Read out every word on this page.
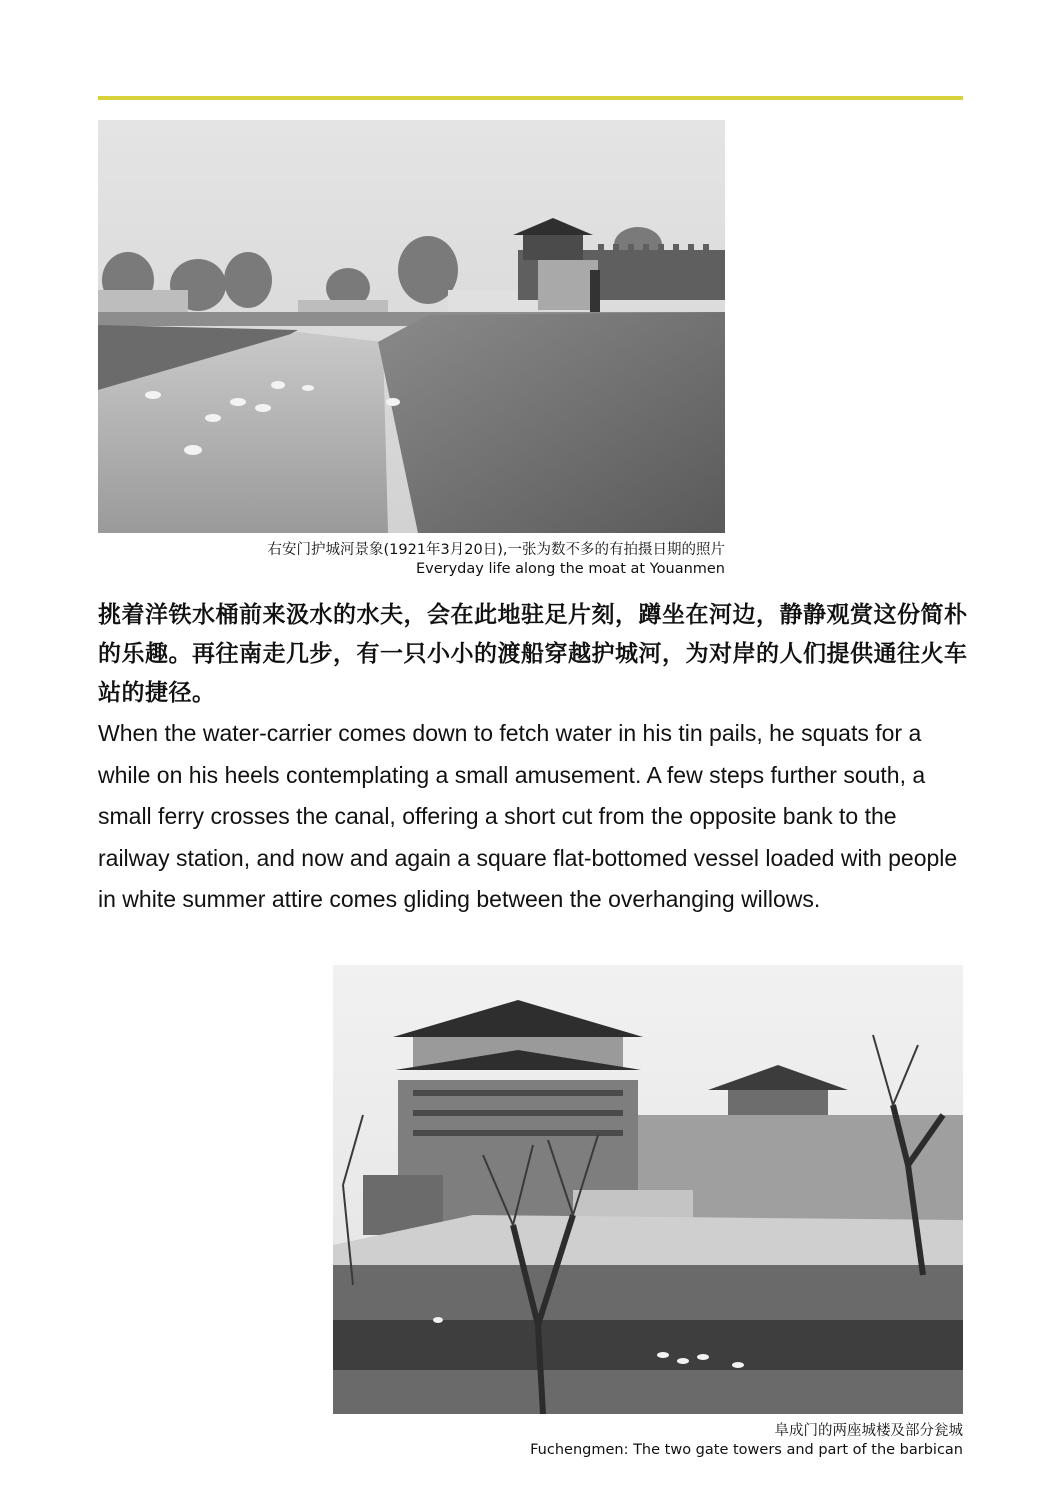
右安门护城河景象(1921年3月20日),一张为数不多的有拍摄日期的照片
Everyday life along the moat at Youanmen
挑着洋铁水桶前来汲水的水夫，会在此地驻足片刻，蹲坐在河边，静静观赏这份简朴的乐趣。再往南走几步，有一只小小的渡船穿越护城河，为对岸的人们提供通往火车站的捷径。
When the water-carrier comes down to fetch water in his tin pails, he squats for a while on his heels contemplating a small amusement. A few steps further south, a small ferry crosses the canal, offering a short cut from the opposite bank to the railway station, and now and again a square flat-bottomed vessel loaded with people in white summer attire comes gliding between the overhanging willows.
阜成门的两座城楼及部分瓮城
Fuchengmen: The two gate towers and part of the barbican
